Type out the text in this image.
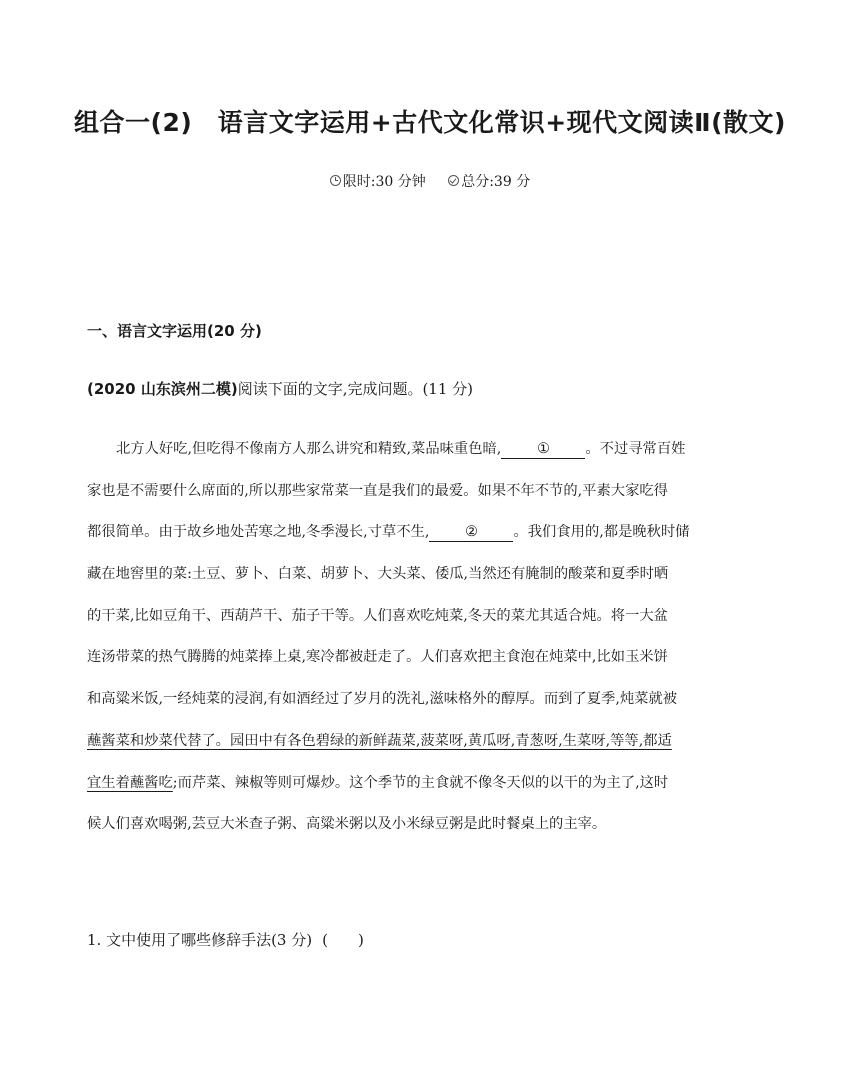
组合一(2)　语言文字运用+古代文化常识+现代文阅读Ⅱ(散文)
限时:30 分钟	总分:39 分
一、语言文字运用(20 分)
(2020 山东滨州二模)阅读下面的文字,完成问题。(11 分)
北方人好吃,但吃得不像南方人那么讲究和精致,菜品味重色暗, ① 。不过寻常百姓
家也是不需要什么席面的,所以那些家常菜一直是我们的最爱。如果不年不节的,平素大家吃得
都很简单。由于故乡地处苦寒之地,冬季漫长,寸草不生, ② 。我们食用的,都是晚秋时储
藏在地窖里的菜:土豆、萝卜、白菜、胡萝卜、大头菜、倭瓜,当然还有腌制的酸菜和夏季时晒
的干菜,比如豆角干、西葫芦干、茄子干等。人们喜欢吃炖菜,冬天的菜尤其适合炖。将一大盆
连汤带菜的热气腾腾的炖菜捧上桌,寒冷都被赶走了。人们喜欢把主食泡在炖菜中,比如玉米饼
和高粱米饭,一经炖菜的浸润,有如酒经过了岁月的洗礼,滋味格外的醇厚。而到了夏季,炖菜就被
蘸酱菜和炒菜代替了。园田中有各色碧绿的新鲜蔬菜,菠菜呀,黄瓜呀,青葱呀,生菜呀,等等,都适
宜生着蘸酱吃;而芹菜、辣椒等则可爆炒。这个季节的主食就不像冬天似的以干的为主了,这时
候人们喜欢喝粥,芸豆大米查子粥、高粱米粥以及小米绿豆粥是此时餐桌上的主宰。
1. 文中使用了哪些修辞手法(3 分) (　　)
